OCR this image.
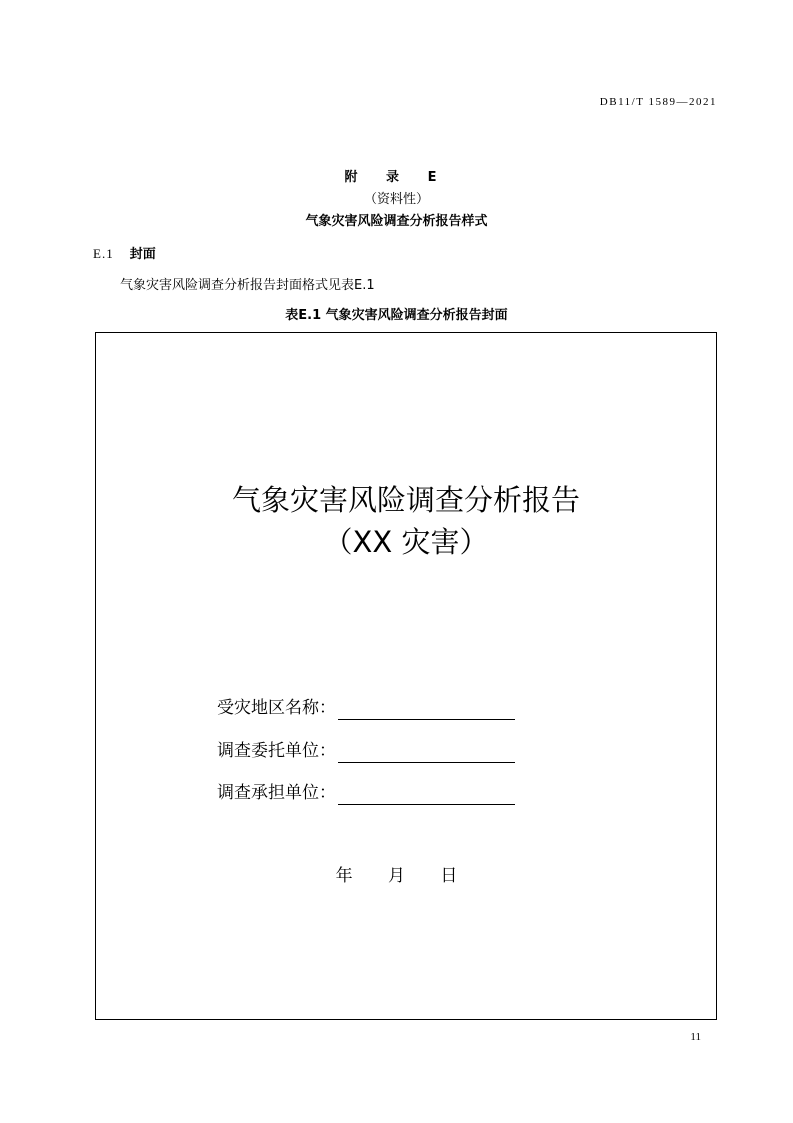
DB11/T 1589—2021
附 录 E
（资料性）
气象灾害风险调查分析报告样式
E.1 封面
气象灾害风险调查分析报告封面格式见表E.1
表E.1 气象灾害风险调查分析报告封面
气象灾害风险调查分析报告
（XX 灾害）
受灾地区名称：
调查委托单位：
调查承担单位：
年 月 日
11
